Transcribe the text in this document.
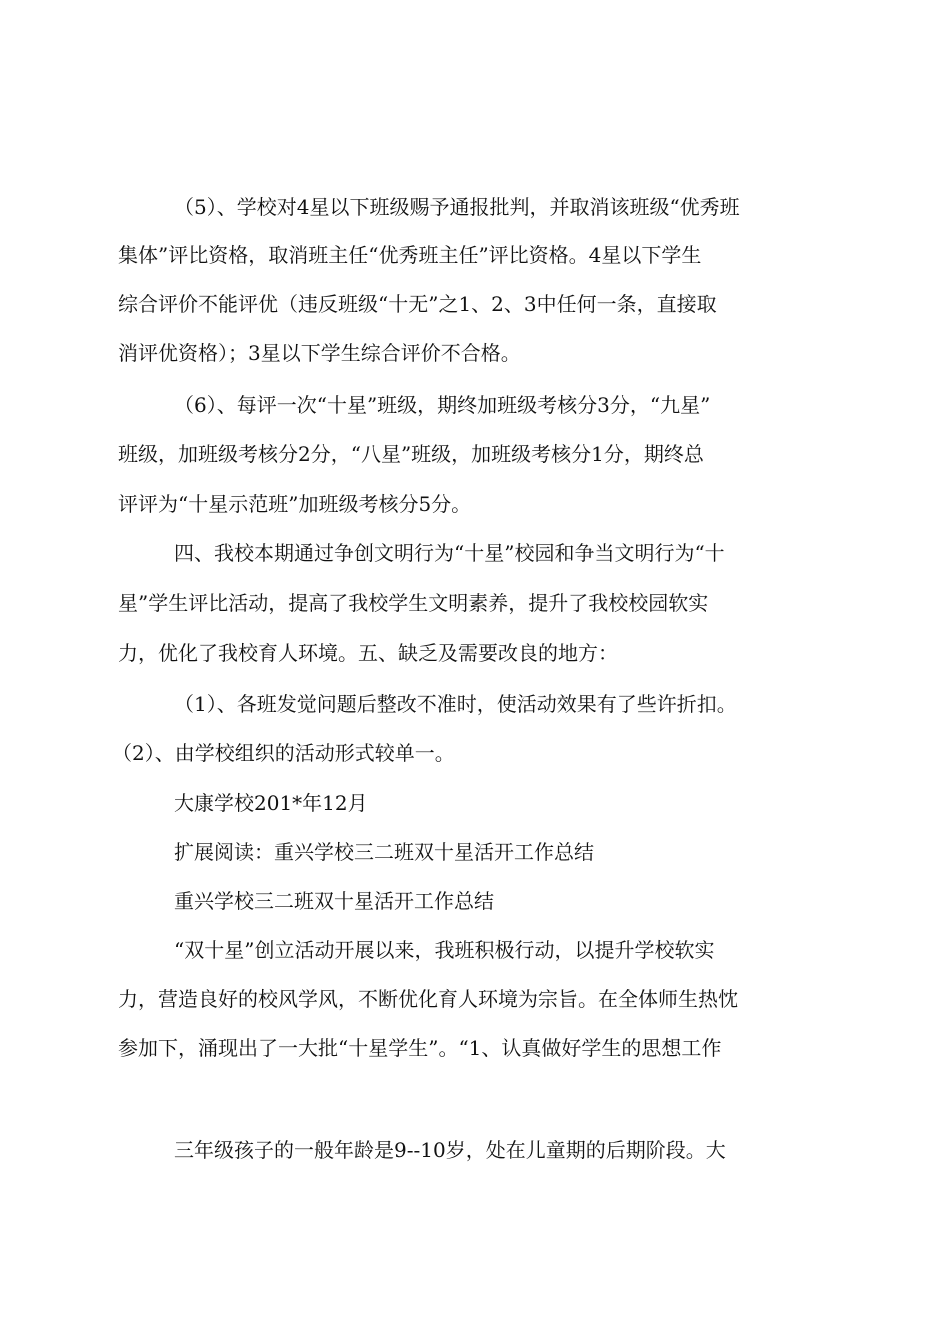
（5）、学校对4星以下班级赐予通报批判，并取消该班级“优秀班
集体”评比资格，取消班主任“优秀班主任”评比资格。4星以下学生
综合评价不能评优（违反班级“十无”之1、2、3中任何一条，直接取
消评优资格）；3星以下学生综合评价不合格。
（6）、每评一次“十星”班级，期终加班级考核分3分，“九星”
班级，加班级考核分2分，“八星”班级，加班级考核分1分，期终总
评评为“十星示范班”加班级考核分5分。
四、我校本期通过争创文明行为“十星”校园和争当文明行为“十
星”学生评比活动，提高了我校学生文明素养，提升了我校校园软实
力，优化了我校育人环境。五、缺乏及需要改良的地方：
（1）、各班发觉问题后整改不准时，使活动效果有了些许折扣。
（2）、由学校组织的活动形式较单一。
大康学校201*年12月
扩展阅读：重兴学校三二班双十星活开工作总结
重兴学校三二班双十星活开工作总结
“双十星”创立活动开展以来，我班积极行动，以提升学校软实
力，营造良好的校风学风，不断优化育人环境为宗旨。在全体师生热忱
参加下，涌现出了一大批“十星学生”。“1、认真做好学生的思想工作
三年级孩子的一般年龄是9--10岁，处在儿童期的后期阶段。大
